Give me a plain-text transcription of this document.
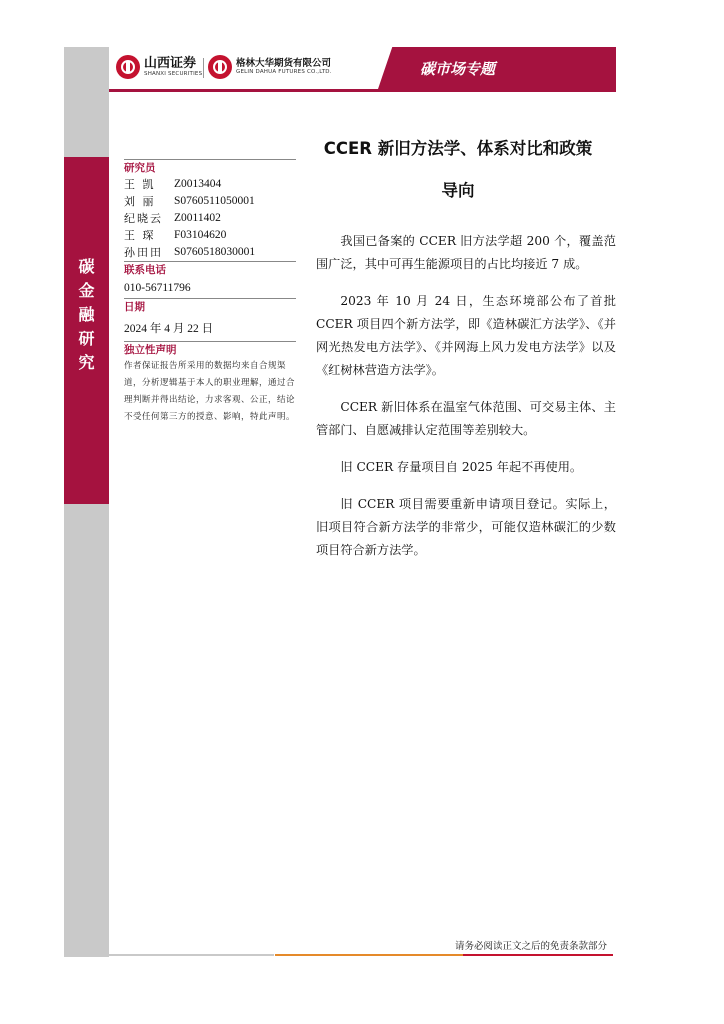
碳
金
融
研
究
山西证券
SHANXI SECURITIES
格林大华期货有限公司
GELIN DAHUA FUTURES CO.,LTD.	碳市场专题
CCER 新旧方法学、体系对比和政策
导向
研究员
王 凯	Z0013404
刘 丽	S0760511050001
纪晓云 Z0011402
王 琛	F03104620
孙田田 S0760518030001
联系电话
010-56711796
日期
2024 年 4 月 22 日
独立性声明
作者保证报告所采用的数据均来自合规渠道，分析逻辑基于本人的职业理解，通过合理判断并得出结论，力求客观、公正，结论不受任何第三方的授意、影响，特此声明。

我国已备案的 CCER 旧方法学超 200 个，覆盖范围广泛，其中可再生能源项目的占比均接近 7 成。

2023 年 10 月 24 日，生态环境部公布了首批 CCER 项目四个新方法学，即《造林碳汇方法学》、《并网光热发电方法学》、《并网海上风力发电方法学》以及《红树林营造方法学》。

CCER 新旧体系在温室气体范围、可交易主体、主管部门、自愿减排认定范围等差别较大。

旧 CCER 存量项目自 2025 年起不再使用。

旧 CCER 项目需要重新申请项目登记。实际上，旧项目符合新方法学的非常少，可能仅造林碳汇的少数项目符合新方法学。

请务必阅读正文之后的免责条款部分
